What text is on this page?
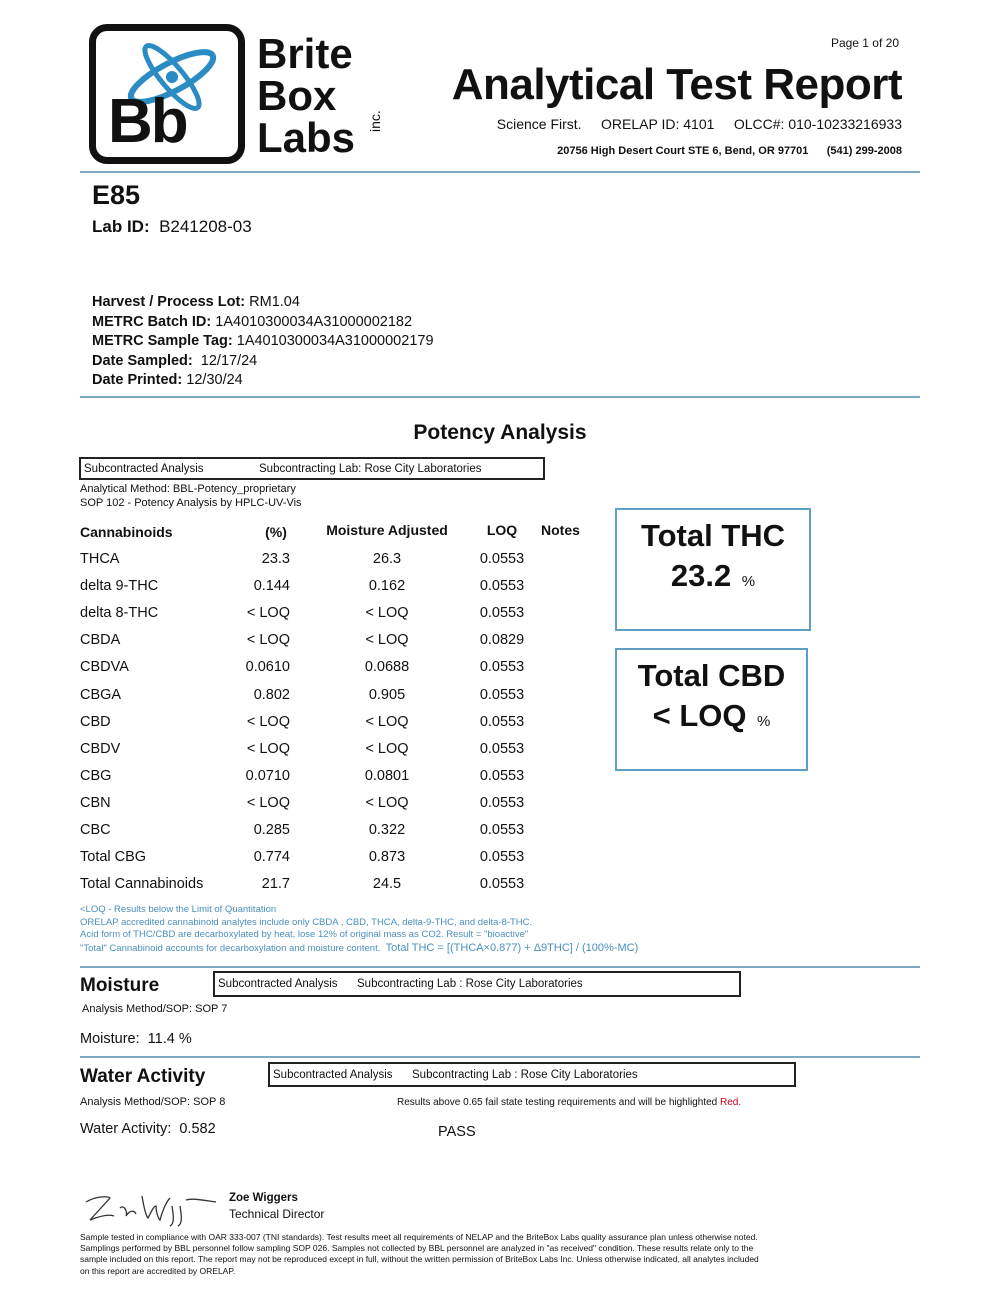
Bb
Brite
Box
Labs inc.
Page 1 of 20
Analytical Test Report
Science First. ORELAP ID: 4101 OLCC#: 010-10233216933
20756 High Desert Court STE 6, Bend, OR 97701 (541) 299-2008
E85
Lab ID: B241208-03
Harvest / Process Lot: RM1.04
METRC Batch ID: 1A4010300034A31000002182
METRC Sample Tag: 1A4010300034A31000002179
Date Sampled: 12/17/24
Date Printed: 12/30/24
Potency Analysis
Subcontracted Analysis	Subcontracting Lab: Rose City Laboratories
Analytical Method: BBL-Potency_proprietary
SOP 102 - Potency Analysis by HPLC-UV-Vis
Cannabinoids	(%)	Moisture Adjusted	LOQ	Notes
THCA	23.3	26.3	0.0553
delta 9-THC	0.144	0.162	0.0553
delta 8-THC	< LOQ	< LOQ	0.0553
CBDA	< LOQ	< LOQ	0.0829
CBDVA	0.0610	0.0688	0.0553
CBGA	0.802	0.905	0.0553
CBD	< LOQ	< LOQ	0.0553
CBDV	< LOQ	< LOQ	0.0553
CBG	0.0710	0.0801	0.0553
CBN	< LOQ	< LOQ	0.0553
CBC	0.285	0.322	0.0553
Total CBG	0.774	0.873	0.0553
Total Cannabinoids	21.7	24.5	0.0553
Total THC
23.2 %
Total CBD
< LOQ %
<LOQ - Results below the Limit of Quantitation
ORELAP accredited cannabinoid analytes include only CBDA , CBD, THCA, delta-9-THC, and delta-8-THC.
Acid form of THC/CBD are decarboxylated by heat, lose 12% of original mass as CO2. Result = "bioactive"
"Total" Cannabinoid accounts for decarboxylation and moisture content. Total THC = [(THCA×0.877) + Δ9THC] / (100%-MC)
Moisture	Subcontracted Analysis Subcontracting Lab : Rose City Laboratories
Analysis Method/SOP: SOP 7
Moisture:  11.4 %
Water Activity	Subcontracted Analysis Subcontracting Lab : Rose City Laboratories
Analysis Method/SOP: SOP 8	Results above 0.65 fail state testing requirements and will be highlighted Red.
Water Activity:  0.582	PASS
Zoe Wiggers
Technical Director
Sample tested in compliance with OAR 333-007 (TNI standards). Test results meet all requirements of NELAP and the BriteBox Labs quality assurance plan unless otherwise noted. Samplings performed by BBL personnel follow sampling SOP 026. Samples not collected by BBL personnel are analyzed in "as received" condition. These results relate only to the sample included on this report. The report may not be reproduced except in full, without the written permission of BriteBox Labs Inc. Unless otherwise indicated, all analytes included on this report are accredited by ORELAP.
